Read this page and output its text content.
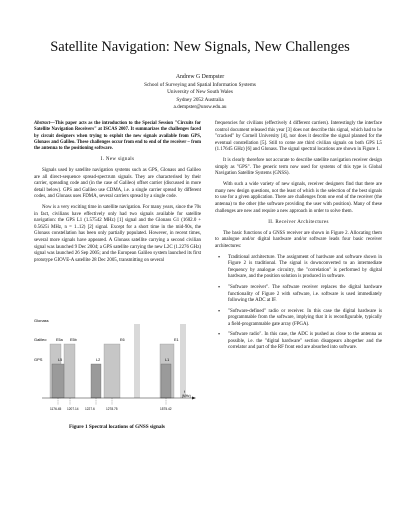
Satellite Navigation: New Signals, New Challenges
Andrew G Dempster
School of Surveying and Spatial Information Systems
University of New South Wales
Sydney 2052 Australia
a.dempster@unsw.edu.au

Abstract—This paper acts as the introduction to the Special Session "Circuits for Satellite Navigation Receivers" at ISCAS 2007. It summarizes the challenges faced by circuit designers when trying to exploit the new signals available from GPS, Glonass and Galileo. These challenges occur from end to end of the receiver – from the antenna to the positioning software.

I. New signals

Signals used by satellite navigation systems such as GPS, Glonass and Galileo are all direct-sequence spread-spectrum signals. They are characterised by their carrier, spreading code and (in the case of Galileo) offset carrier (discussed in more detail below). GPS and Galileo use CDMA, i.e. a single carrier spread by different codes, and Glonass uses FDMA, several carriers spread by a single code.

Now is a very exciting time in satellite navigation. For many years, since the 70s in fact, civilians have effectively only had two signals available for satellite navigation: the GPS L1 (1.57542 MHz) [1] signal and the Glonass G1 (1602.0 + 0.5625i MHz, n = 1..12) [2] signal. Except for a short time in the mid-90s, the Glonass constellation has been only partially populated. However, in recent times, several more signals have appeared. A Glonass satellite carrying a second civilian signal was launched 9 Dec 2004; a GPS satellite carrying the new L2C (1.2276 GHz) signal was launched 26 Sep 2005; and the European Galileo system launched its first prototype GIOVE-A satellite 28 Dec 2005, transmitting on several

Glonass
Galileo
GPS
E5a E5b	E6	E1
L5	L2	L1
f
(MHz)
1176.45 1207.14 1227.6	1278.75	1575.42
Figure 1 Spectral locations of GNSS signals

frequencies for civilians (effectively 4 different carriers). Interestingly the interface control document released this year [3] does not describe this signal, which had to be "cracked" by Cornell University [4], nor does it describe the signal planned for the eventual constellation [5]. Still to come are third civilian signals on both GPS L5 (1.17645 GHz) [6] and Glonass. The signal spectral locations are shown in Figure 1.

It is clearly therefore not accurate to describe satellite navigation receiver design simply as "GPS". The generic term now used for systems of this type is Global Navigation Satellite Systems (GNSS).

With such a wide variety of new signals, receiver designers find that there are many new design questions, not the least of which is the selection of the best signals to use for a given application. There are challenges from one end of the receiver (the antenna) to the other (the software providing the user with position). Many of these challenges are new and require a new approach in order to solve them.

II. Receiver Architectures

The basic functions of a GNSS receiver are shown in Figure 2. Allocating them to analogue and/or digital hardware and/or software leads four basic receiver architectures:

• Traditional architecture. The assignment of hardware and software shown in Figure 2 is traditional. The signal is downconverted to an intermediate frequency by analogue circuitry, the "correlation" is performed by digital hardware, and the position solution is produced in software.
• "Software receiver". The software receiver replaces the digital hardware functionality of Figure 2 with software, i.e. software is used immediately following the ADC at IF.
• "Software-defined" radio or receiver. In this case the digital hardware is programmable from the software, implying that it is reconfigurable, typically a field-programmable gate array (FPGA).
• "Software radio". In this case, the ADC is pushed as close to the antenna as possible, i.e. the "digital hardware" section disappears altogether and the correlator and part of the RF front end are absorbed into software.
